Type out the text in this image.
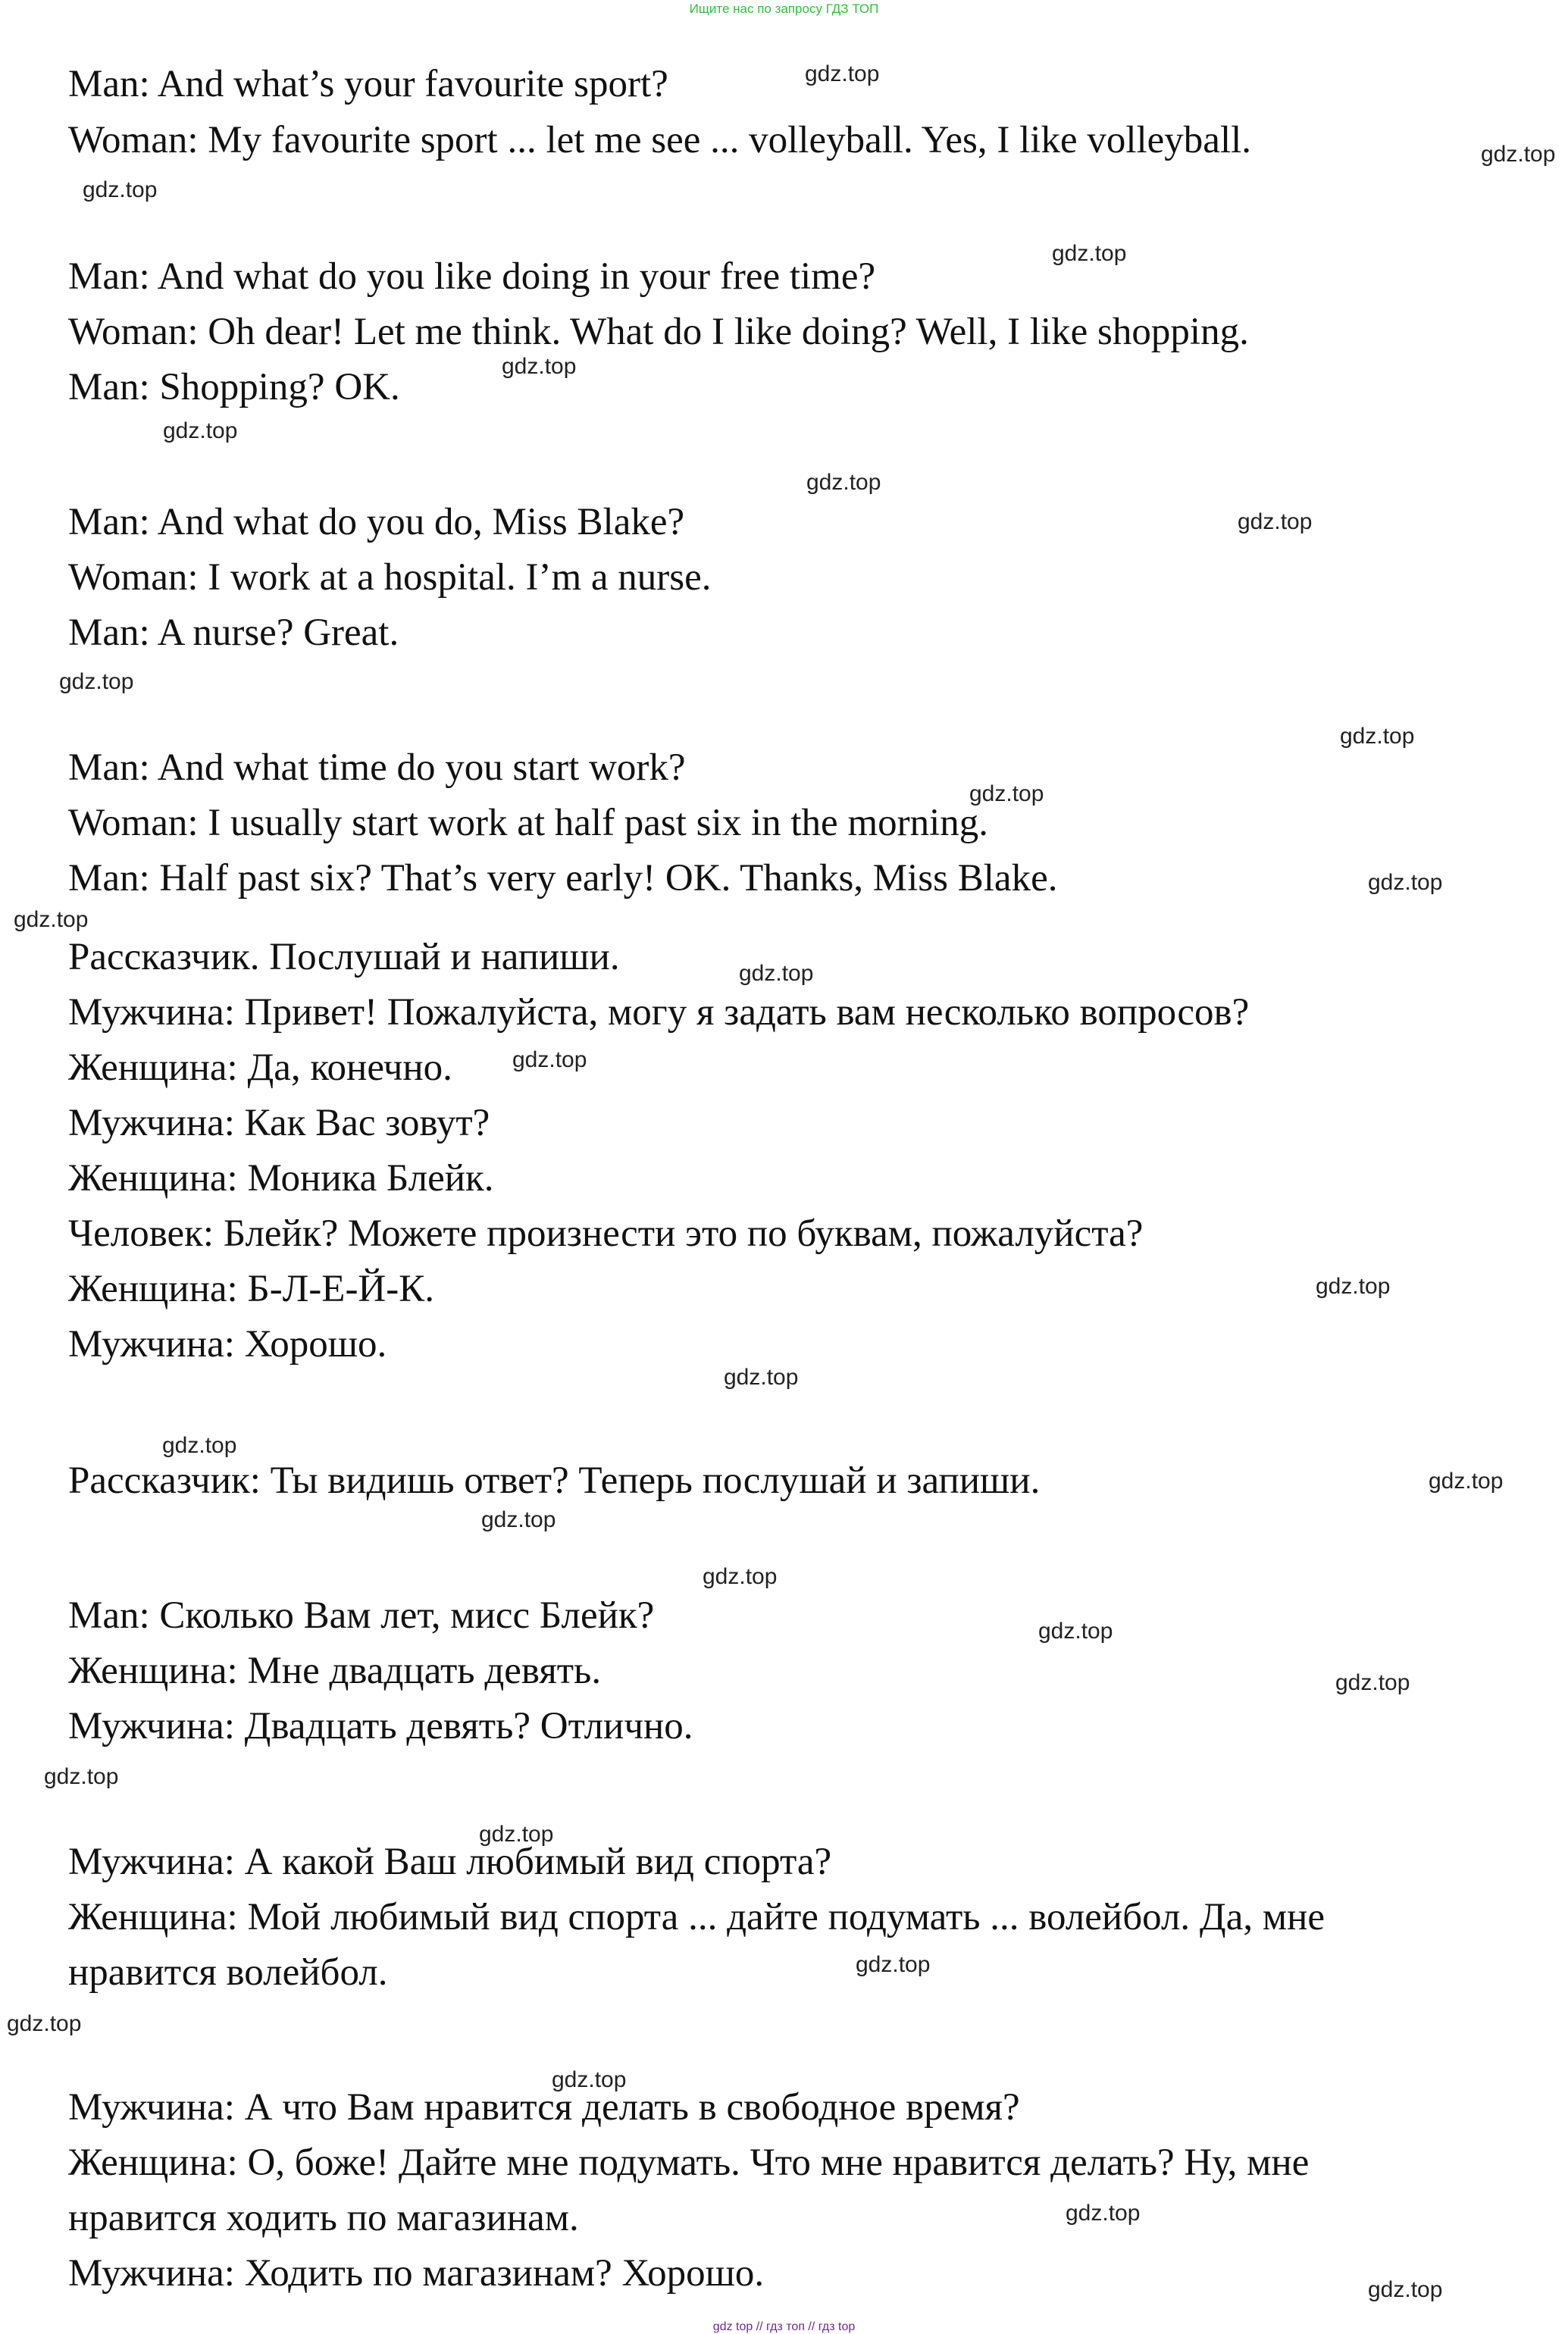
Ищите нас по запросу ГДЗ ТОП
Man: And what’s your favourite sport?
Woman: My favourite sport ... let me see ... volleyball. Yes, I like volleyball.
Man: And what do you like doing in your free time?
Woman: Oh dear! Let me think. What do I like doing? Well, I like shopping.
Man: Shopping? OK.
Man: And what do you do, Miss Blake?
Woman: I work at a hospital. I’m a nurse.
Man: A nurse? Great.
Man: And what time do you start work?
Woman: I usually start work at half past six in the morning.
Man: Half past six? That’s very early! OK. Thanks, Miss Blake.
Рассказчик. Послушай и напиши.
Мужчина: Привет! Пожалуйста, могу я задать вам несколько вопросов?
Женщина: Да, конечно.
Мужчина: Как Вас зовут?
Женщина: Моника Блейк.
Человек: Блейк? Можете произнести это по буквам, пожалуйста?
Женщина: Б-Л-Е-Й-К.
Мужчина: Хорошо.
Рассказчик: Ты видишь ответ? Теперь послушай и запиши.
Man: Сколько Вам лет, мисс Блейк?
Женщина: Мне двадцать девять.
Мужчина: Двадцать девять? Отлично.
Мужчина: А какой Ваш любимый вид спорта?
Женщина: Мой любимый вид спорта ... дайте подумать ... волейбол. Да, мне
нравится волейбол.
Мужчина: А что Вам нравится делать в свободное время?
Женщина: О, боже! Дайте мне подумать. Что мне нравится делать? Ну, мне
нравится ходить по магазинам.
Мужчина: Ходить по магазинам? Хорошо.
gdz.top
gdz.top
gdz.top
gdz.top
gdz.top
gdz.top
gdz.top
gdz.top
gdz.top
gdz.top
gdz.top
gdz.top
gdz.top
gdz.top
gdz.top
gdz.top
gdz.top
gdz.top
gdz.top
gdz.top
gdz.top
gdz.top
gdz.top
gdz.top
gdz.top
gdz.top
gdz.top
gdz.top
gdz.top
gdz.top
gdz top // гдз топ // гдз top
